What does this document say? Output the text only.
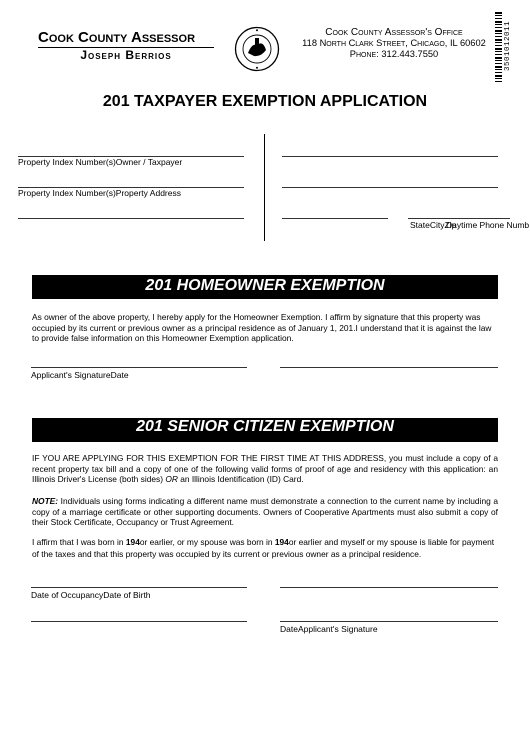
Cook County Assessor
Joseph Berrios
Cook County Assessor's Office
118 North Clark Street, Chicago, IL 60602
Phone: 312.443.7550	3501012011
201 TAXPAYER EXEMPTION APPLICATION
Property Index Number(s)Owner / Taxpayer
Property Index Number(s)Property Address
StateCityZip
Daytime Phone Numb
201 HOMEOWNER EXEMPTION
As owner of the above property, I hereby apply for the Homeowner Exemption. I affirm by signature that this property was occupied by its current or previous owner as a principal residence as of January 1, 201.I understand that it is against the law to provide false information on this Homeowner Exemption application.
Applicant's SignatureDate
201 SENIOR CITIZEN EXEMPTION
IF YOU ARE APPLYING FOR THIS EXEMPTION FOR THE FIRST TIME AT THIS ADDRESS, you must include a copy of a recent property tax bill and a copy of one of the following valid forms of proof of age and residency with this application: an Illinois Driver's License (both sides) OR an Illinois Identification (ID) Card.
NOTE: Individuals using forms indicating a different name must demonstrate a connection to the current name by including a copy of a marriage certificate or other supporting documents. Owners of Cooperative Apartments must also submit a copy of their Stock Certificate, Occupancy or Trust Agreement.
I affirm that I was born in 194or earlier, or my spouse was born in 194or earlier and myself or my spouse is liable for payment of the taxes and that this property was occupied by its current or previous owner as a principal residence.
Date of OccupancyDate of Birth
DateApplicant's Signature
